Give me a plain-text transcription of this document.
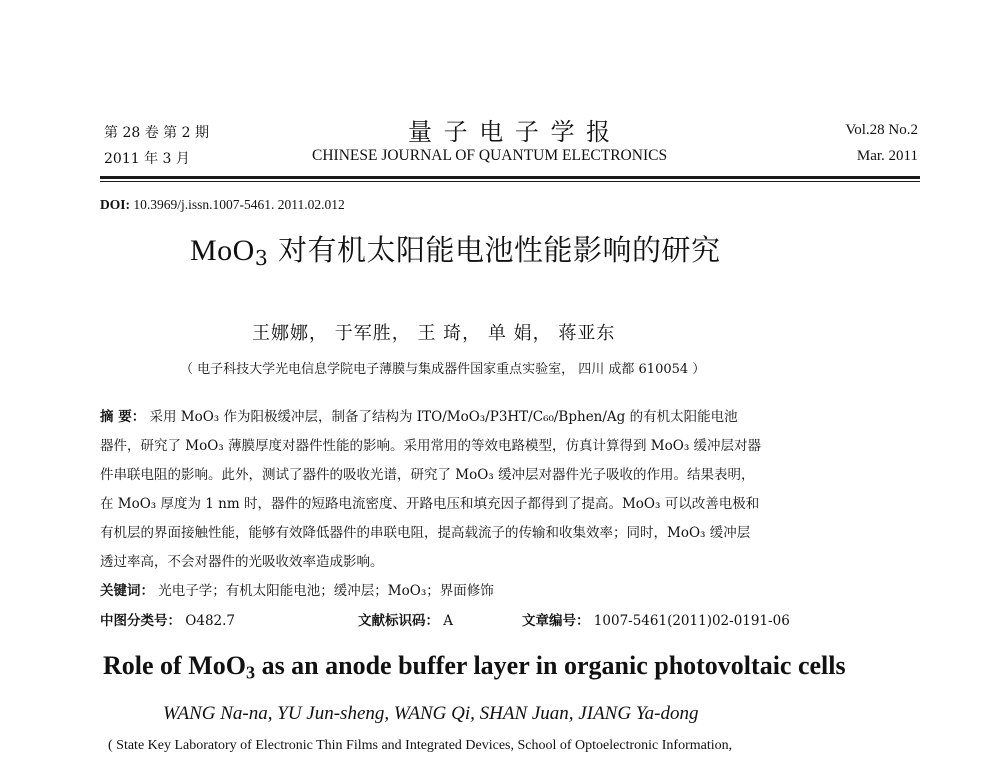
第 28 卷 第 2 期
2011 年 3 月
量 子 电 子 学 报
CHINESE JOURNAL OF QUANTUM ELECTRONICS
Vol.28 No.2
Mar. 2011
DOI: 10.3969/j.issn.1007-5461. 2011.02.012
MoO$_3$ 对有机太阳能电池性能影响的研究
王娜娜， 于军胜， 王 琦， 单 娟， 蒋亚东
（ 电子科技大学光电信息学院电子薄膜与集成器件国家重点实验室， 四川 成都 610054 ）
摘 要： 采用 MoO₃ 作为阳极缓冲层，制备了结构为 ITO/MoO₃/P3HT/C₆₀/Bphen/Ag 的有机太阳能电池
器件，研究了 MoO₃ 薄膜厚度对器件性能的影响。采用常用的等效电路模型，仿真计算得到 MoO₃ 缓冲层对器
件串联电阻的影响。此外，测试了器件的吸收光谱，研究了 MoO₃ 缓冲层对器件光子吸收的作用。结果表明，
在 MoO₃ 厚度为 1 nm 时，器件的短路电流密度、开路电压和填充因子都得到了提高。MoO₃ 可以改善电极和
有机层的界面接触性能，能够有效降低器件的串联电阻，提高载流子的传输和收集效率；同时，MoO₃ 缓冲层
透过率高，不会对器件的光吸收效率造成影响。
关键词： 光电子学；有机太阳能电池；缓冲层；MoO₃；界面修饰
中图分类号： O482.7	文献标识码： A	文章编号： 1007-5461(2011)02-0191-06
Role of MoO$_3$ as an anode buffer layer in organic photovoltaic cells
WANG Na-na, YU Jun-sheng, WANG Qi, SHAN Juan, JIANG Ya-dong
( State Key Laboratory of Electronic Thin Films and Integrated Devices, School of Optoelectronic Information,
